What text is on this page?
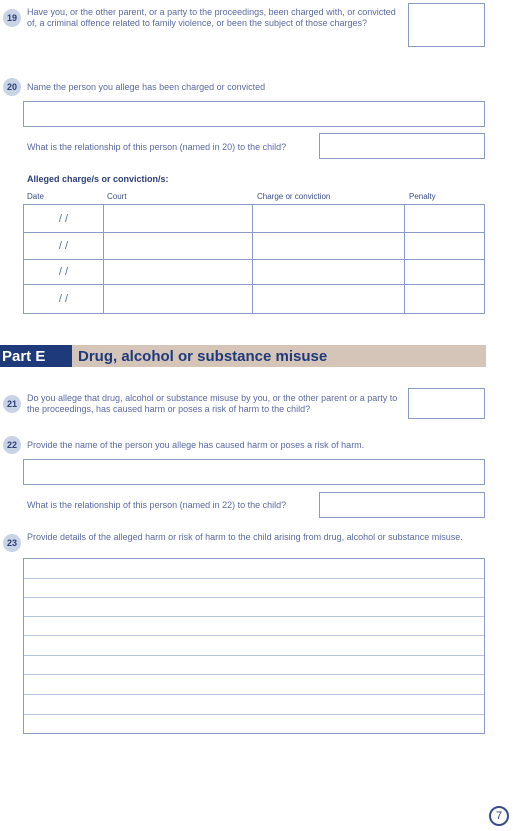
19
Have you, or the other parent, or a party to the proceedings, been charged with, or convicted of, a criminal offence related to family violence, or been the subject of those charges?
20	Name the person you allege has been charged or convicted
What is the relationship of this person (named in 20) to the child?
Alleged charge/s or conviction/s:
Date	Court	Charge or conviction	Penalty
/ /			
/ /			
/ /			
/ /			
Part E	Drug, alcohol or substance misuse
21
Do you allege that drug, alcohol or substance misuse by you, or the other parent or a party to the proceedings, has caused harm or poses a risk of harm to the child?
22	Provide the name of the person you allege has caused harm or poses a risk of harm.
What is the relationship of this person (named in 22) to the child?
23
Provide details of the alleged harm or risk of harm to the child arising from drug, alcohol or substance misuse.
7
